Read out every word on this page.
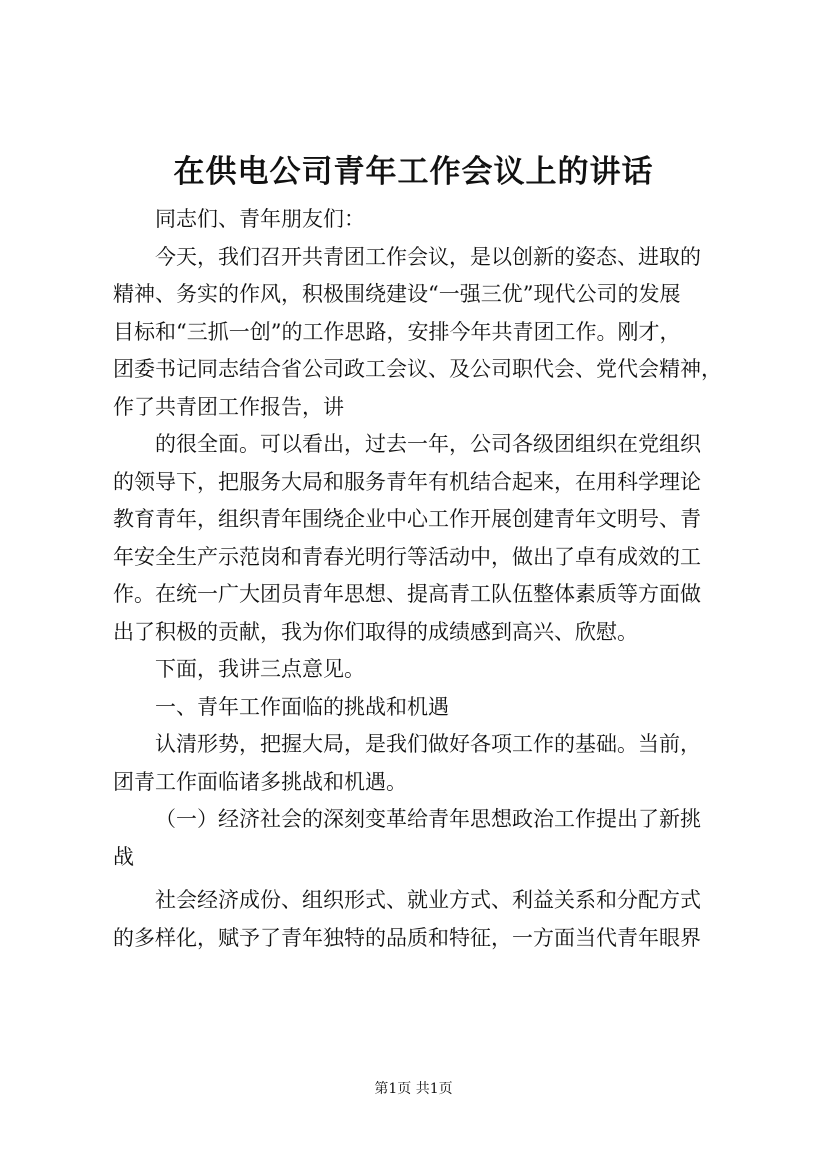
在供电公司青年工作会议上的讲话
同志们、青年朋友们：
今天，我们召开共青团工作会议，是以创新的姿态、进取的
精神、务实的作风，积极围绕建设“一强三优”现代公司的发展
目标和“三抓一创”的工作思路，安排今年共青团工作。刚才，
团委书记同志结合省公司政工会议、及公司职代会、党代会精神，
作了共青团工作报告，讲
的很全面。可以看出，过去一年，公司各级团组织在党组织
的领导下，把服务大局和服务青年有机结合起来，在用科学理论
教育青年，组织青年围绕企业中心工作开展创建青年文明号、青
年安全生产示范岗和青春光明行等活动中，做出了卓有成效的工
作。在统一广大团员青年思想、提高青工队伍整体素质等方面做
出了积极的贡献，我为你们取得的成绩感到高兴、欣慰。
下面，我讲三点意见。
一、青年工作面临的挑战和机遇
认清形势，把握大局，是我们做好各项工作的基础。当前，
团青工作面临诸多挑战和机遇。
（一）经济社会的深刻变革给青年思想政治工作提出了新挑
战
社会经济成份、组织形式、就业方式、利益关系和分配方式
的多样化，赋予了青年独特的品质和特征，一方面当代青年眼界
第1页 共1页
